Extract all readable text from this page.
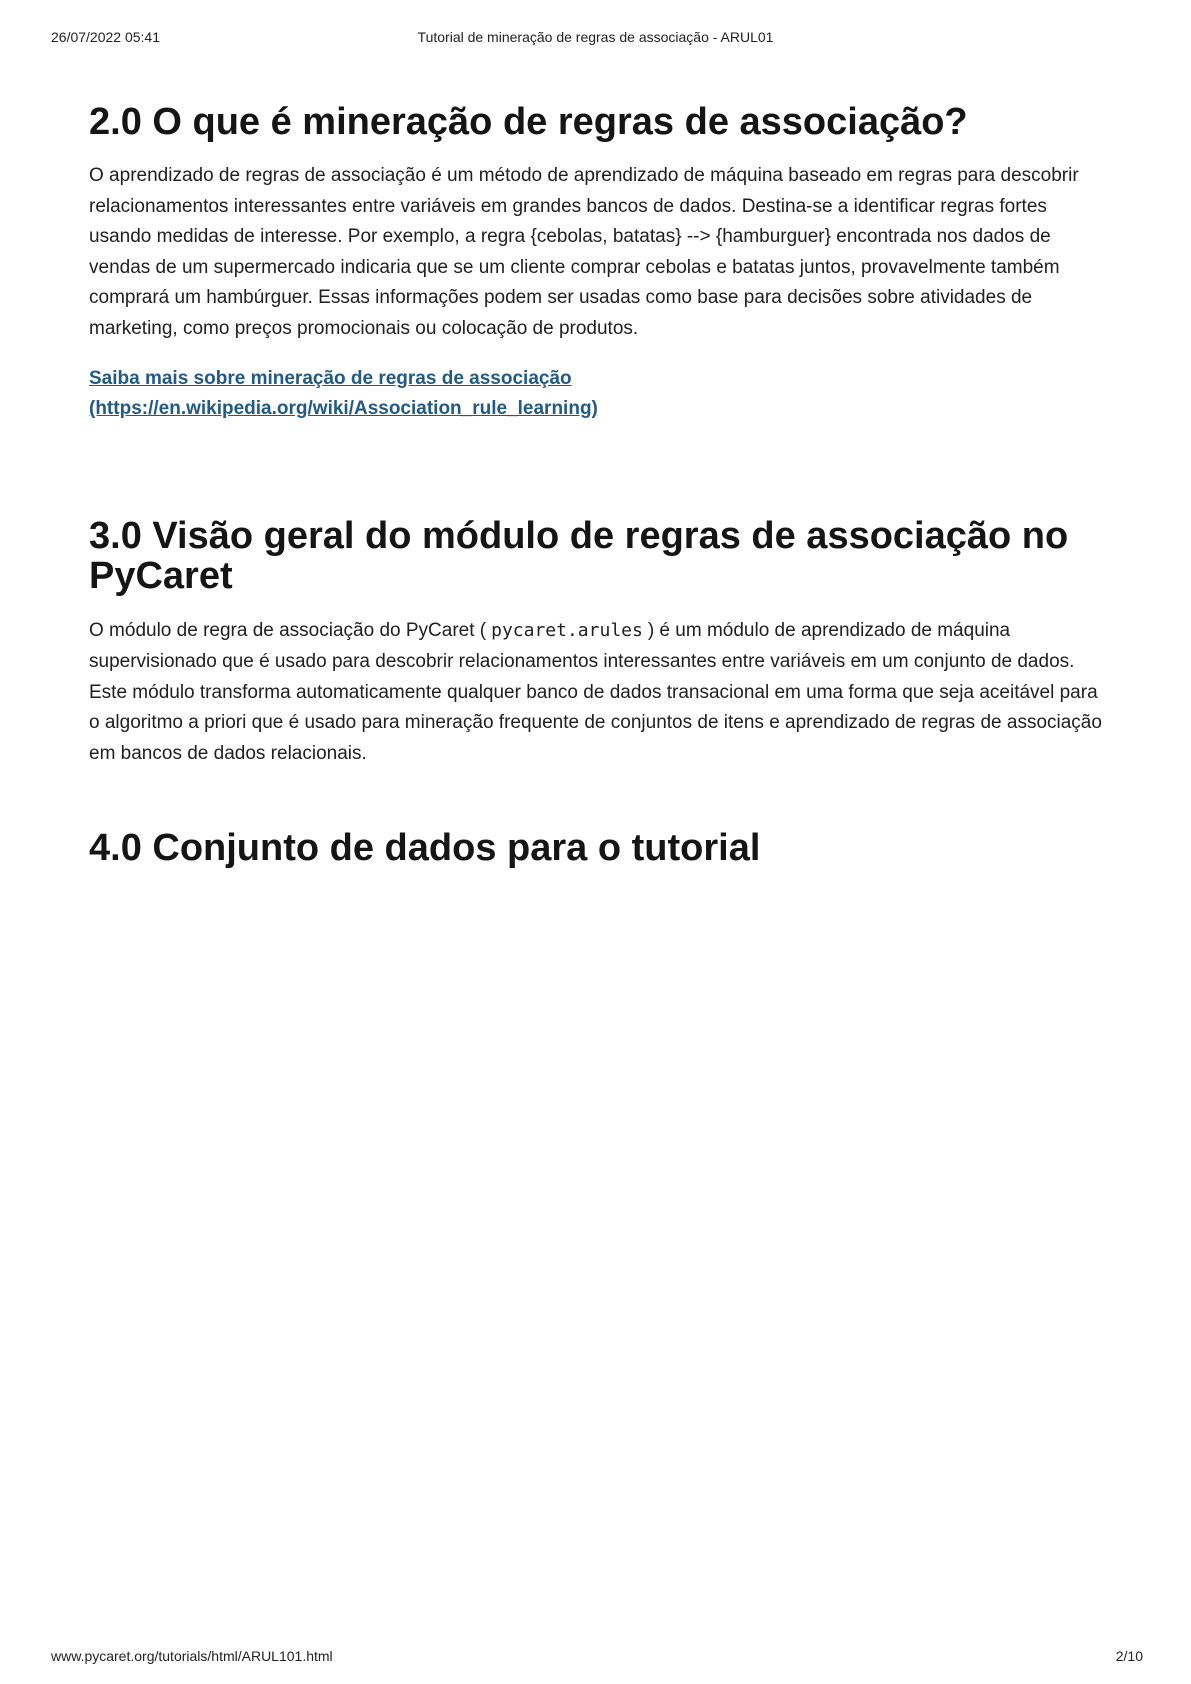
26/07/2022 05:41	Tutorial de mineração de regras de associação - ARUL01
2.0 O que é mineração de regras de associação?

O aprendizado de regras de associação é um método de aprendizado de máquina baseado em regras para descobrir relacionamentos interessantes entre variáveis em grandes bancos de dados. Destina-se a identificar regras fortes usando medidas de interesse. Por exemplo, a regra {cebolas, batatas} --> {hamburguer} encontrada nos dados de vendas de um supermercado indicaria que se um cliente comprar cebolas e batatas juntos, provavelmente também comprará um hambúrguer. Essas informações podem ser usadas como base para decisões sobre atividades de marketing, como preços promocionais ou colocação de produtos.

Saiba mais sobre mineração de regras de associação
(https://en.wikipedia.org/wiki/Association_rule_learning)
3.0 Visão geral do módulo de regras de associação no PyCaret

O módulo de regra de associação do PyCaret ( pycaret.arules ) é um módulo de aprendizado de máquina supervisionado que é usado para descobrir relacionamentos interessantes entre variáveis em um conjunto de dados. Este módulo transforma automaticamente qualquer banco de dados transacional em uma forma que seja aceitável para o algoritmo a priori que é usado para mineração frequente de conjuntos de itens e aprendizado de regras de associação em bancos de dados relacionais.

4.0 Conjunto de dados para o tutorial
www.pycaret.org/tutorials/html/ARUL101.html	2/10
